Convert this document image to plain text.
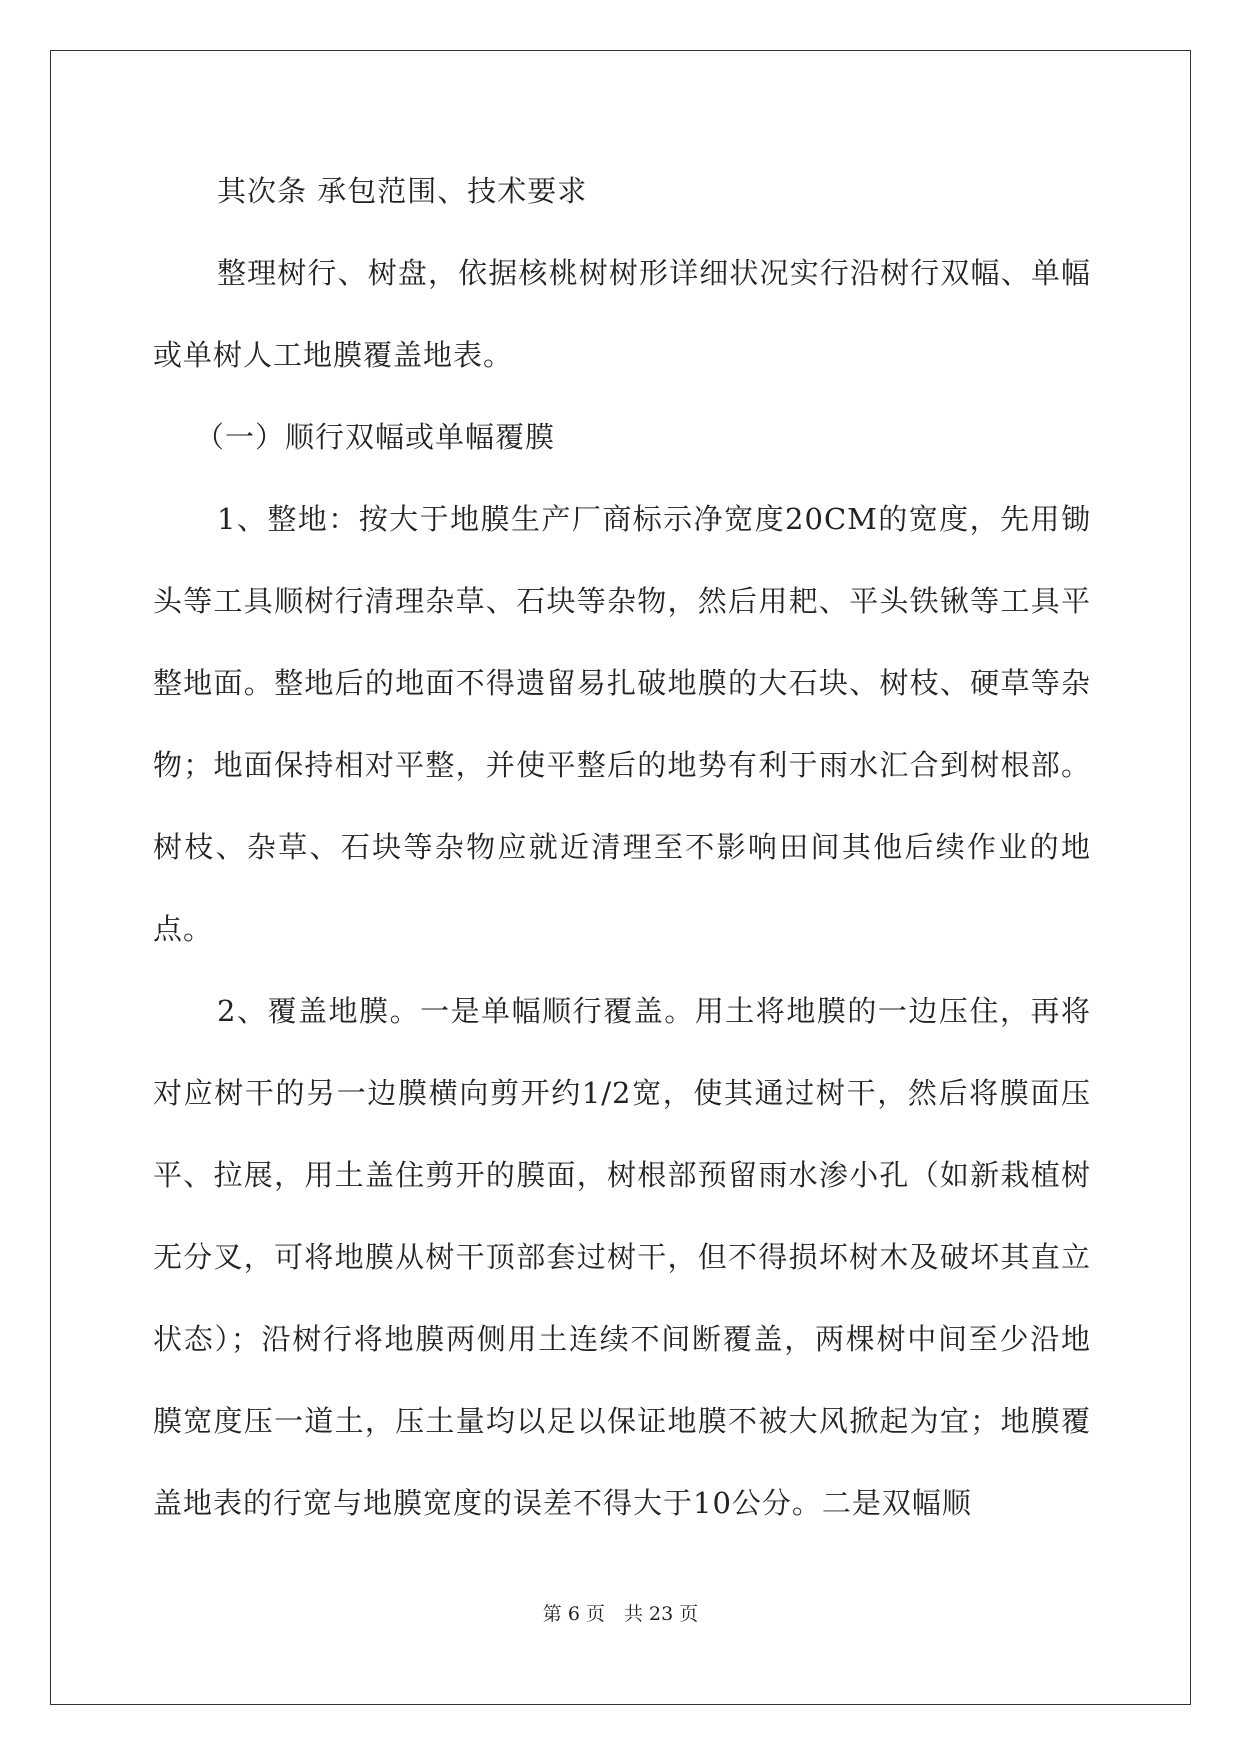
其次条 承包范围、技术要求

整理树行、树盘，依据核桃树树形详细状况实行沿树行双幅、单幅或单树人工地膜覆盖地表。

（一）顺行双幅或单幅覆膜

1、整地：按大于地膜生产厂商标示净宽度20CM的宽度，先用锄头等工具顺树行清理杂草、石块等杂物，然后用耙、平头铁锹等工具平整地面。整地后的地面不得遗留易扎破地膜的大石块、树枝、硬草等杂物；地面保持相对平整，并使平整后的地势有利于雨水汇合到树根部。树枝、杂草、石块等杂物应就近清理至不影响田间其他后续作业的地点。

2、覆盖地膜。一是单幅顺行覆盖。用土将地膜的一边压住，再将对应树干的另一边膜横向剪开约1/2宽，使其通过树干，然后将膜面压平、拉展，用土盖住剪开的膜面，树根部预留雨水渗小孔（如新栽植树无分叉，可将地膜从树干顶部套过树干，但不得损坏树木及破坏其直立状态）；沿树行将地膜两侧用土连续不间断覆盖，两棵树中间至少沿地膜宽度压一道土，压土量均以足以保证地膜不被大风掀起为宜；地膜覆盖地表的行宽与地膜宽度的误差不得大于10公分。二是双幅顺

第 6 页　共 23 页
